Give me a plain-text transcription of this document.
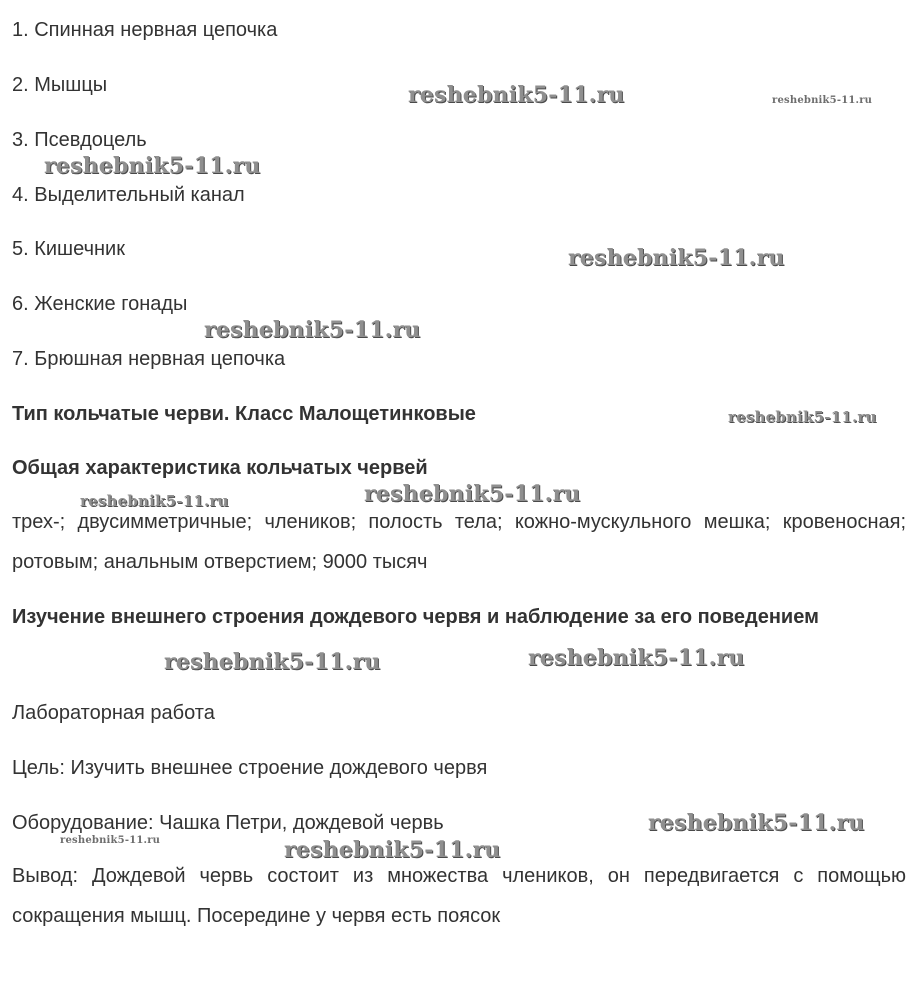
1. Спинная нервная цепочка

2. Мышцы

3. Псевдоцель

4. Выделительный канал

5. Кишечник

6. Женские гонады

7. Брюшная нервная цепочка

Тип кольчатые черви. Класс Малощетинковые

Общая характеристика кольчатых червей

трех-; двусимметричные; члеников; полость тела; кожно-мускульного мешка; кровеносная; ротовым; анальным отверстием; 9000 тысяч

Изучение внешнего строения дождевого червя и наблюдение за его поведением

Лабораторная работа

Цель: Изучить внешнее строение дождевого червя

Оборудование: Чашка Петри, дождевой червь

Вывод: Дождевой червь состоит из множества члеников, он передвигается с помощью сокращения мышц. Посередине у червя есть поясок

reshebnik5-11.ru	reshebnik5-11.ru
reshebnik5-11.ru
reshebnik5-11.ru
reshebnik5-11.ru
reshebnik5-11.ru
reshebnik5-11.ru
reshebnik5-11.ru
reshebnik5-11.ru	reshebnik5-11.ru
reshebnik5-11.ru
reshebnik5-11.ru	reshebnik5-11.ru
